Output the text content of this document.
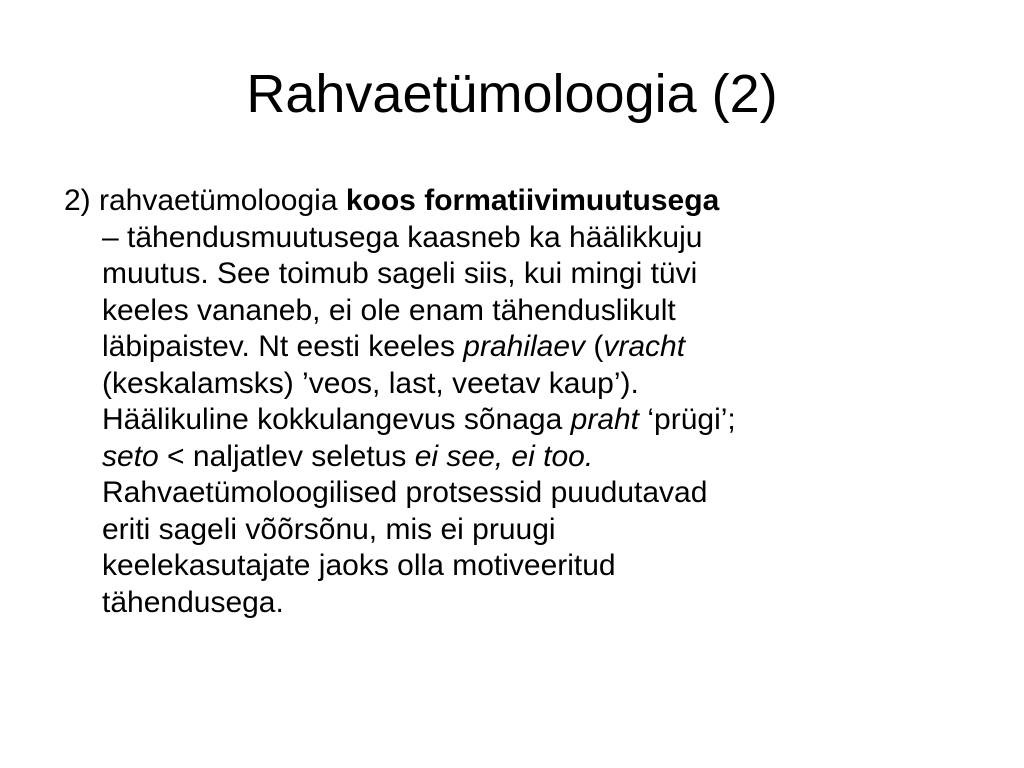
Rahvaetümoloogia (2)

2) rahvaetümoloogia koos formatiivimuutusega
– tähendusmuutusega kaasneb ka häälikkuju
muutus. See toimub sageli siis, kui mingi tüvi
keeles vananeb, ei ole enam tähenduslikult
läbipaistev. Nt eesti keeles prahilaev (vracht
(keskalamsks) ’veos, last, veetav kaup’).
Häälikuline kokkulangevus sõnaga praht ‘prügi’;
seto < naljatlev seletus ei see, ei too.
Rahvaetümoloogilised protsessid puudutavad
eriti sageli võõrsõnu, mis ei pruugi
keelekasutajate jaoks olla motiveeritud
tähendusega.
